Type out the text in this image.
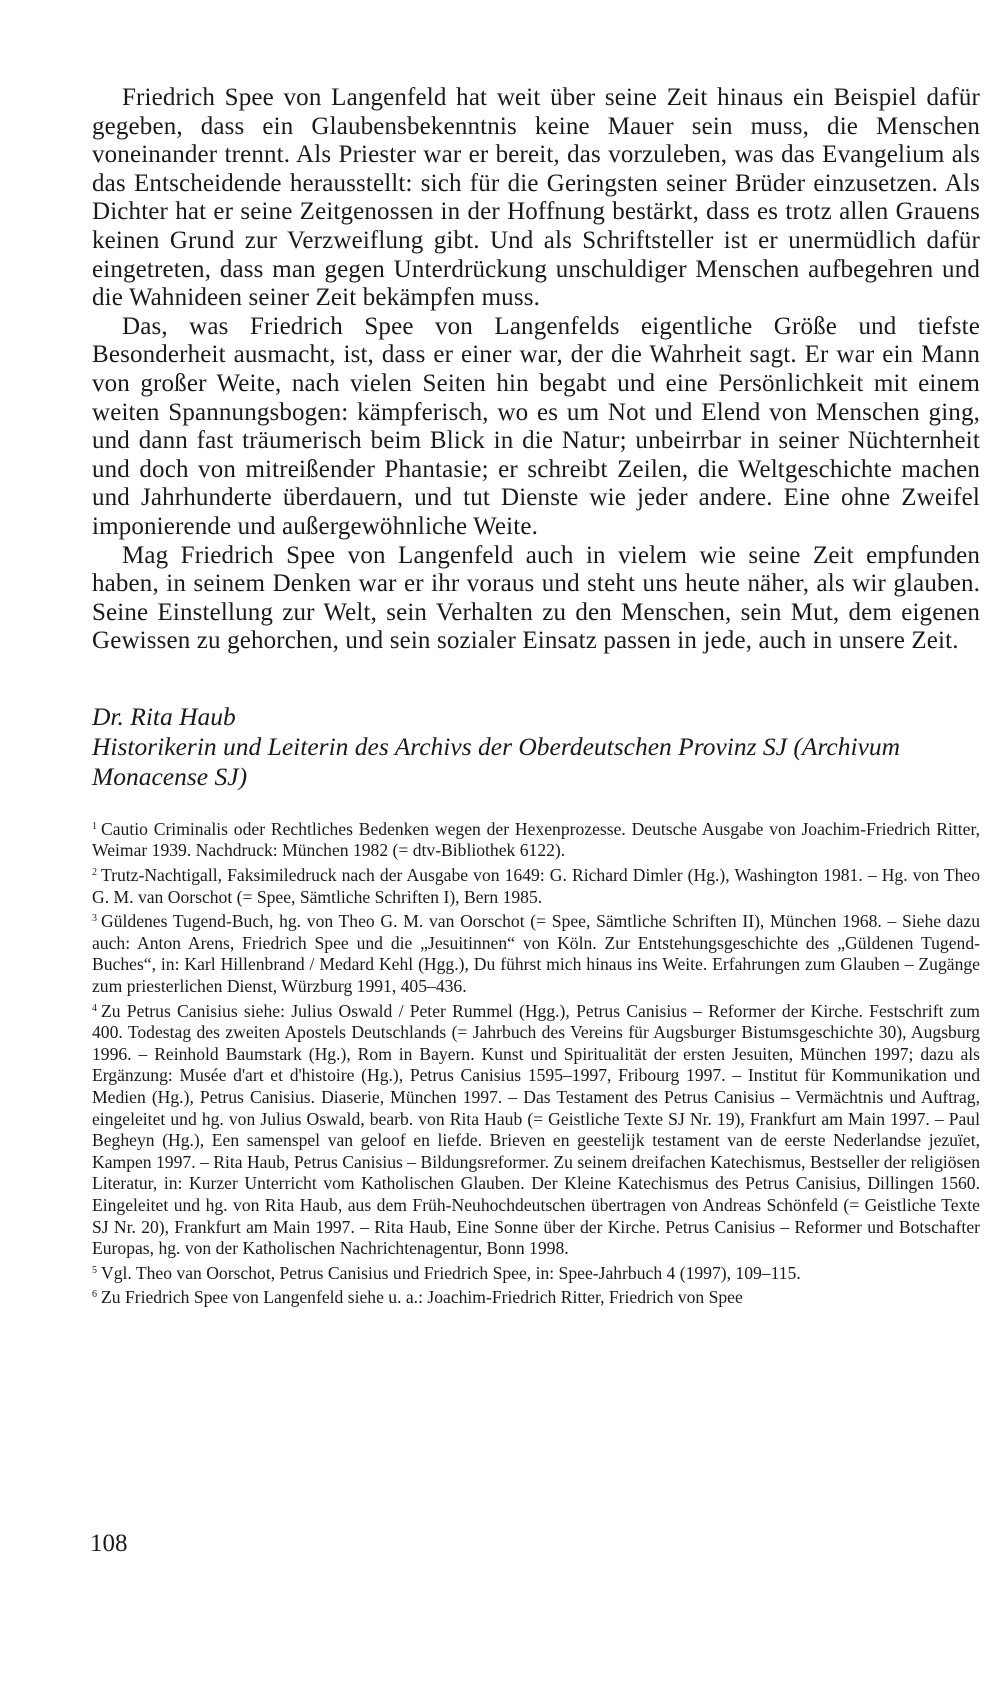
Friedrich Spee von Langenfeld hat weit über seine Zeit hinaus ein Beispiel dafür gegeben, dass ein Glaubensbekenntnis keine Mauer sein muss, die Menschen voneinander trennt. Als Priester war er bereit, das vorzuleben, was das Evangelium als das Entscheidende herausstellt: sich für die Geringsten seiner Brüder einzusetzen. Als Dichter hat er seine Zeitgenossen in der Hoffnung bestärkt, dass es trotz allen Grauens keinen Grund zur Verzweiflung gibt. Und als Schriftsteller ist er unermüdlich dafür eingetreten, dass man gegen Unterdrückung unschuldiger Menschen aufbegehren und die Wahnideen seiner Zeit bekämpfen muss.

Das, was Friedrich Spee von Langenfelds eigentliche Größe und tiefste Besonderheit ausmacht, ist, dass er einer war, der die Wahrheit sagt. Er war ein Mann von großer Weite, nach vielen Seiten hin begabt und eine Persönlichkeit mit einem weiten Spannungsbogen: kämpferisch, wo es um Not und Elend von Menschen ging, und dann fast träumerisch beim Blick in die Natur; unbeirrbar in seiner Nüchternheit und doch von mitreißender Phantasie; er schreibt Zeilen, die Weltgeschichte machen und Jahrhunderte überdauern, und tut Dienste wie jeder andere. Eine ohne Zweifel imponierende und außergewöhnliche Weite.

Mag Friedrich Spee von Langenfeld auch in vielem wie seine Zeit empfunden haben, in seinem Denken war er ihr voraus und steht uns heute näher, als wir glauben. Seine Einstellung zur Welt, sein Verhalten zu den Menschen, sein Mut, dem eigenen Gewissen zu gehorchen, und sein sozialer Einsatz passen in jede, auch in unsere Zeit.

Dr. Rita Haub
Historikerin und Leiterin des Archivs der Oberdeutschen Provinz SJ (Archivum Monacense SJ)

$^1$ Cautio Criminalis oder Rechtliches Bedenken wegen der Hexenprozesse. Deutsche Ausgabe von Joachim-Friedrich Ritter, Weimar 1939. Nachdruck: München 1982 (= dtv-Bibliothek 6122).

$^2$ Trutz-Nachtigall, Faksimiledruck nach der Ausgabe von 1649: G. Richard Dimler (Hg.), Washington 1981. – Hg. von Theo G. M. van Oorschot (= Spee, Sämtliche Schriften I), Bern 1985.

$^3$ Güldenes Tugend-Buch, hg. von Theo G. M. van Oorschot (= Spee, Sämtliche Schriften II), München 1968. – Siehe dazu auch: Anton Arens, Friedrich Spee und die „Jesuitinnen“ von Köln. Zur Entstehungsgeschichte des „Güldenen Tugend-Buches“, in: Karl Hillenbrand / Medard Kehl (Hgg.), Du führst mich hinaus ins Weite. Erfahrungen zum Glauben – Zugänge zum priesterlichen Dienst, Würzburg 1991, 405–436.

$^4$ Zu Petrus Canisius siehe: Julius Oswald / Peter Rummel (Hgg.), Petrus Canisius – Reformer der Kirche. Festschrift zum 400. Todestag des zweiten Apostels Deutschlands (= Jahrbuch des Vereins für Augsburger Bistumsgeschichte 30), Augsburg 1996. – Reinhold Baumstark (Hg.), Rom in Bayern. Kunst und Spiritualität der ersten Jesuiten, München 1997; dazu als Ergänzung: Musée d'art et d'histoire (Hg.), Petrus Canisius 1595–1997, Fribourg 1997. – Institut für Kommunikation und Medien (Hg.), Petrus Canisius. Diaserie, München 1997. – Das Testament des Petrus Canisius – Vermächtnis und Auftrag, eingeleitet und hg. von Julius Oswald, bearb. von Rita Haub (= Geistliche Texte SJ Nr. 19), Frankfurt am Main 1997. – Paul Begheyn (Hg.), Een samenspel van geloof en liefde. Brieven en geestelijk testament van de eerste Nederlandse jezuïet, Kampen 1997. – Rita Haub, Petrus Canisius – Bildungsreformer. Zu seinem dreifachen Katechismus, Bestseller der religiösen Literatur, in: Kurzer Unterricht vom Katholischen Glauben. Der Kleine Katechismus des Petrus Canisius, Dillingen 1560. Eingeleitet und hg. von Rita Haub, aus dem Früh-Neuhochdeutschen übertragen von Andreas Schönfeld (= Geistliche Texte SJ Nr. 20), Frankfurt am Main 1997. – Rita Haub, Eine Sonne über der Kirche. Petrus Canisius – Reformer und Botschafter Europas, hg. von der Katholischen Nachrichtenagentur, Bonn 1998.

$^5$ Vgl. Theo van Oorschot, Petrus Canisius und Friedrich Spee, in: Spee-Jahrbuch 4 (1997), 109–115.

$^6$ Zu Friedrich Spee von Langenfeld siehe u. a.: Joachim-Friedrich Ritter, Friedrich von Spee

108
